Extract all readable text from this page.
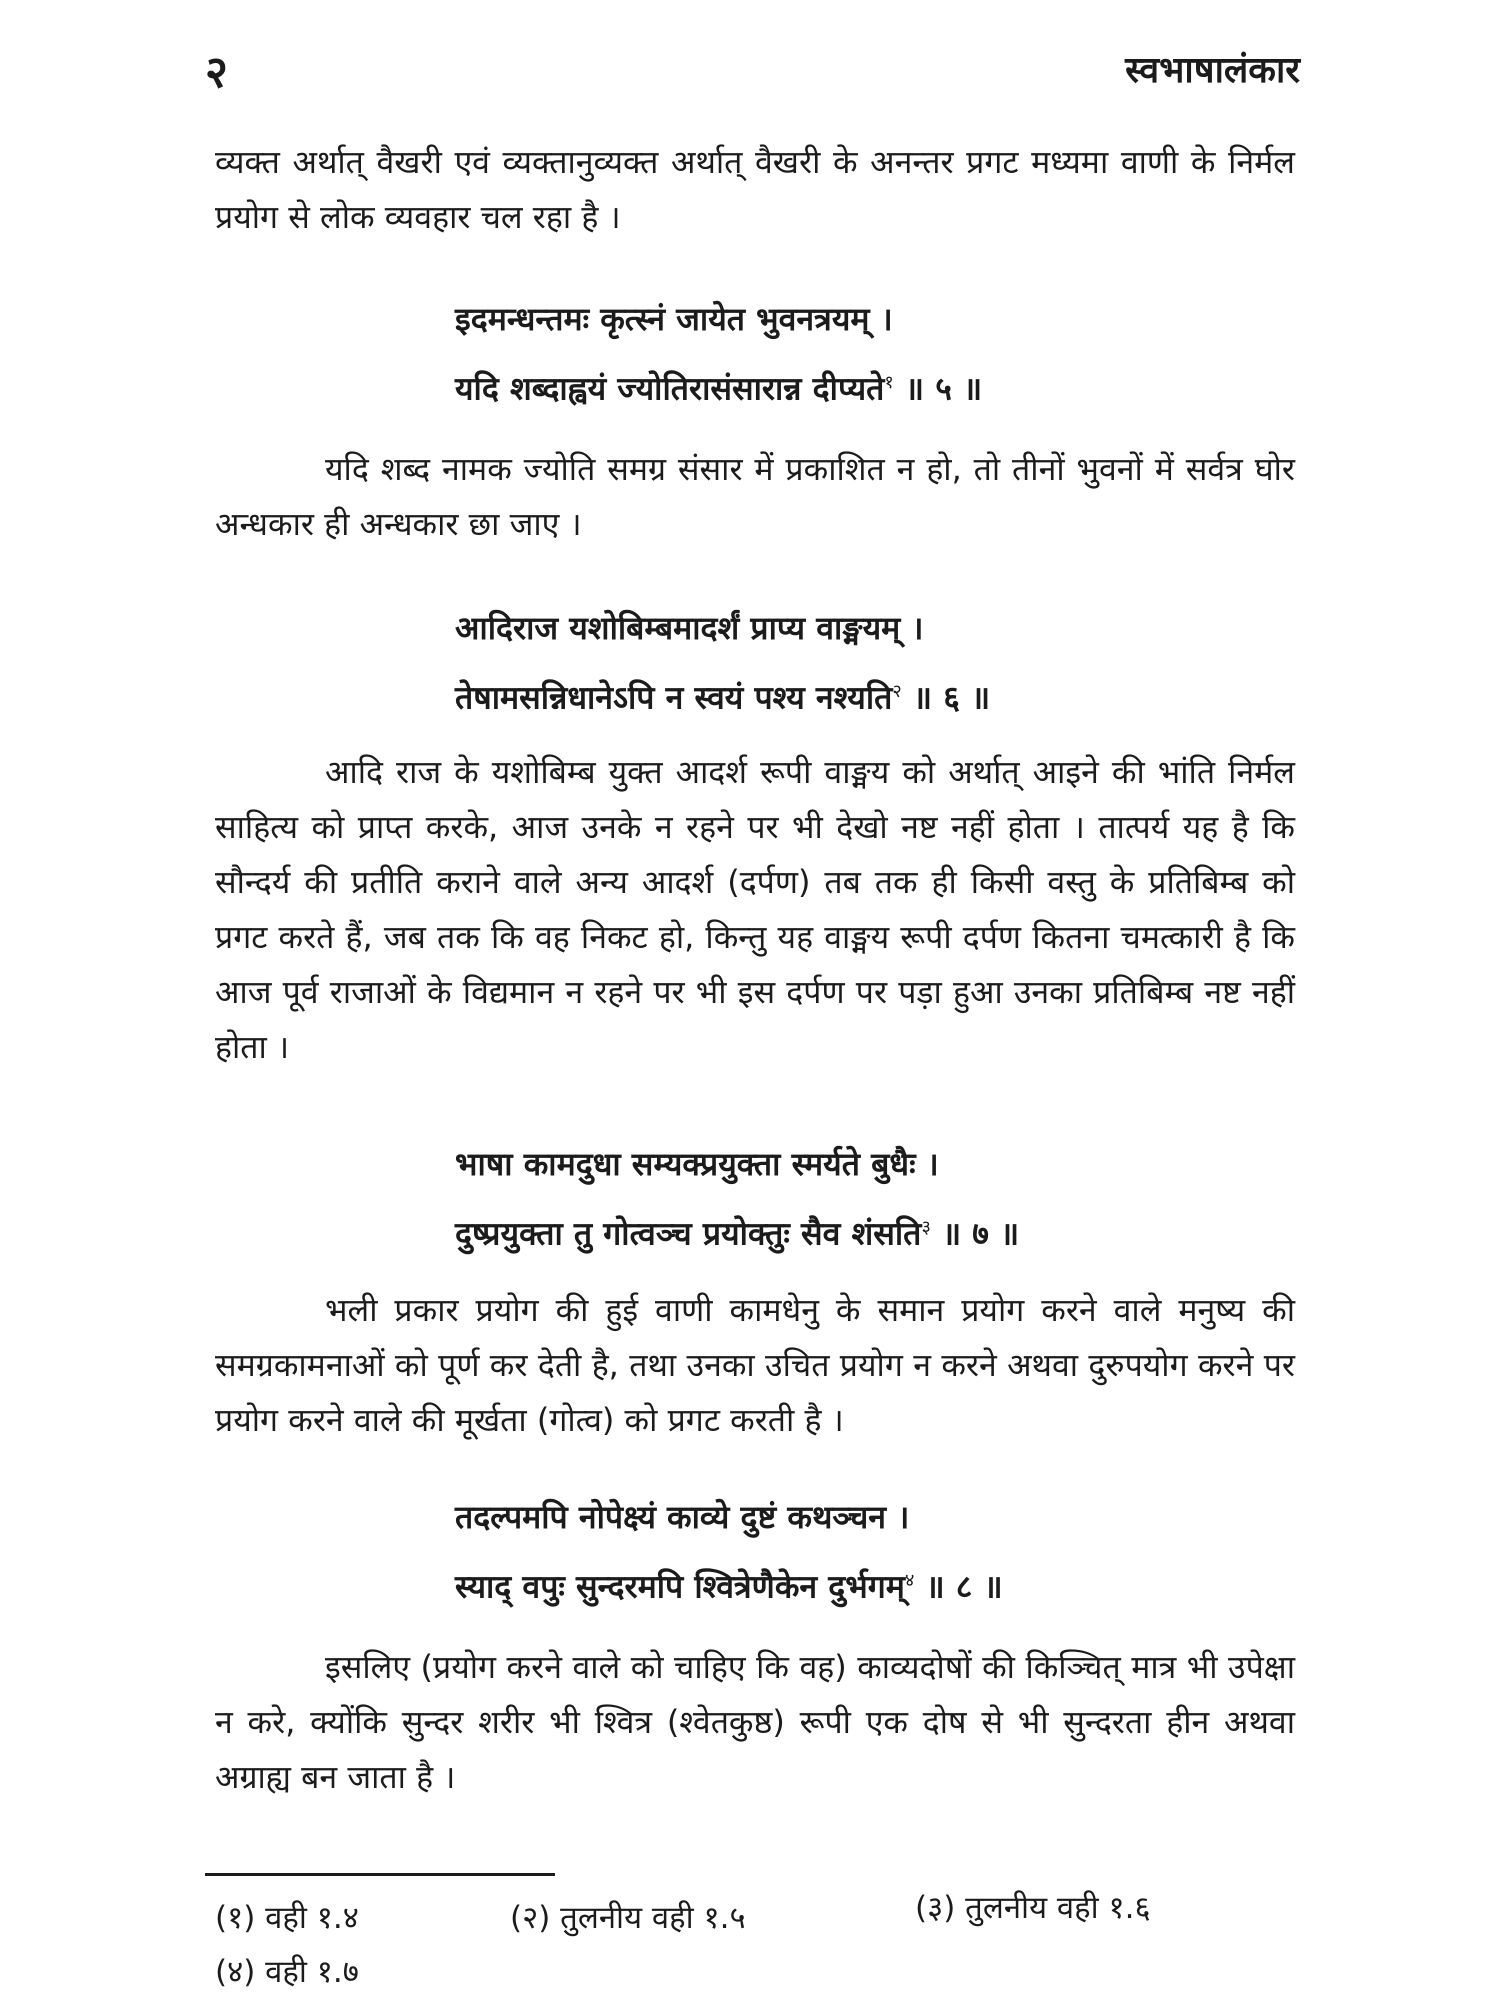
२	स्वभाषालंकार

व्यक्त अर्थात् वैखरी एवं व्यक्तानुव्यक्त अर्थात् वैखरी के अनन्तर प्रगट मध्यमा वाणी के निर्मल प्रयोग से लोक व्यवहार चल रहा है ।

इदमन्धन्तमः कृत्स्नं जायेत भुवनत्रयम् ।
यदि शब्दाह्वयं ज्योतिरासंसारान्न दीप्यते$^१$ ॥ ५ ॥

यदि शब्द नामक ज्योति समग्र संसार में प्रकाशित न हो, तो तीनों भुवनों में सर्वत्र घोर अन्धकार ही अन्धकार छा जाए ।

आदिराज यशोबिम्बमादर्शं प्राप्य वाङ्मयम् ।
तेषामसन्निधानेऽपि न स्वयं पश्य नश्यति$^२$ ॥ ६ ॥

आदि राज के यशोबिम्ब युक्त आदर्श रूपी वाङ्मय को अर्थात् आइने की भांति निर्मल साहित्य को प्राप्त करके, आज उनके न रहने पर भी देखो नष्ट नहीं होता । तात्पर्य यह है कि सौन्दर्य की प्रतीति कराने वाले अन्य आदर्श (दर्पण) तब तक ही किसी वस्तु के प्रतिबिम्ब को प्रगट करते हैं, जब तक कि वह निकट हो, किन्तु यह वाङ्मय रूपी दर्पण कितना चमत्कारी है कि आज पूर्व राजाओं के विद्यमान न रहने पर भी इस दर्पण पर पड़ा हुआ उनका प्रतिबिम्ब नष्ट नहीं होता ।

भाषा कामदुधा सम्यक्प्रयुक्ता स्मर्यते बुधैः ।
दुष्प्रयुक्ता तु गोत्वञ्च प्रयोक्तुः सैव शंसति$^३$ ॥ ७ ॥

भली प्रकार प्रयोग की हुई वाणी कामधेनु के समान प्रयोग करने वाले मनुष्य की समग्रकामनाओं को पूर्ण कर देती है, तथा उनका उचित प्रयोग न करने अथवा दुरुपयोग करने पर प्रयोग करने वाले की मूर्खता (गोत्व) को प्रगट करती है ।

तदल्पमपि नोपेक्ष्यं काव्ये दुष्टं कथञ्चन ।
स्याद् वपुः सुन्दरमपि श्वित्रेणैकेन दुर्भगम्$^४$ ॥ ८ ॥

इसलिए (प्रयोग करने वाले को चाहिए कि वह) काव्यदोषों की किञ्चित् मात्र भी उपेक्षा न करे, क्योंकि सुन्दर शरीर भी श्वित्र (श्वेतकुष्ठ) रूपी एक दोष से भी सुन्दरता हीन अथवा अग्राह्य बन जाता है ।

(१) वही १.४	(२) तुलनीय वही १.५	(३) तुलनीय वही १.६
(४) वही १.७
